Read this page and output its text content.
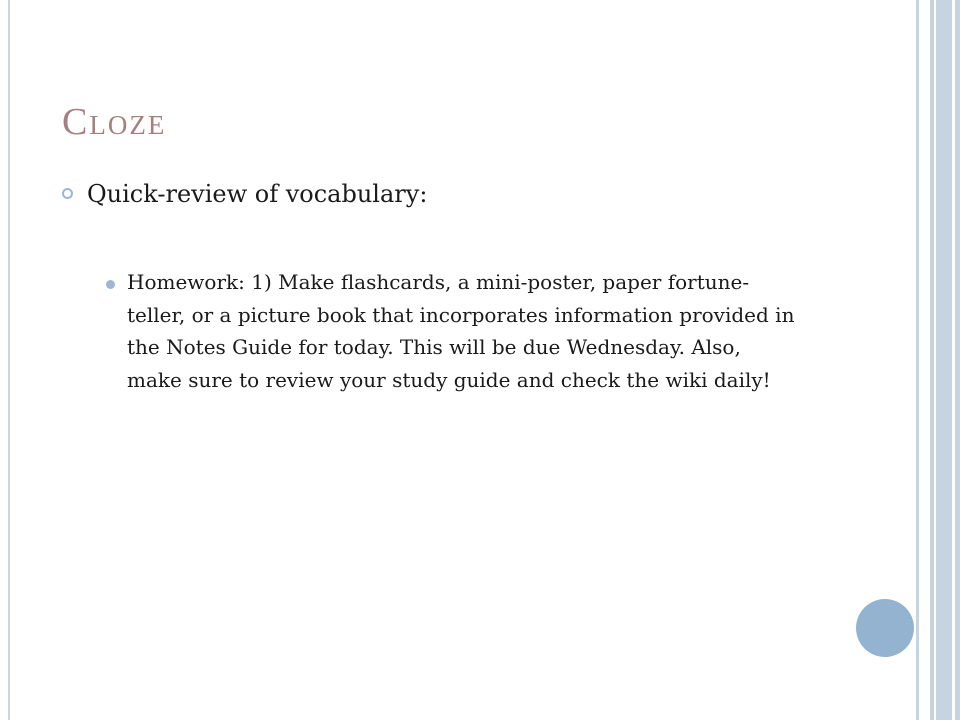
Cloze
Quick-review of vocabulary:
Homework: 1) Make flashcards, a mini-poster, paper fortune-teller, or a picture book that incorporates information provided in the Notes Guide for today. This will be due Wednesday. Also, make sure to review your study guide and check the wiki daily!
